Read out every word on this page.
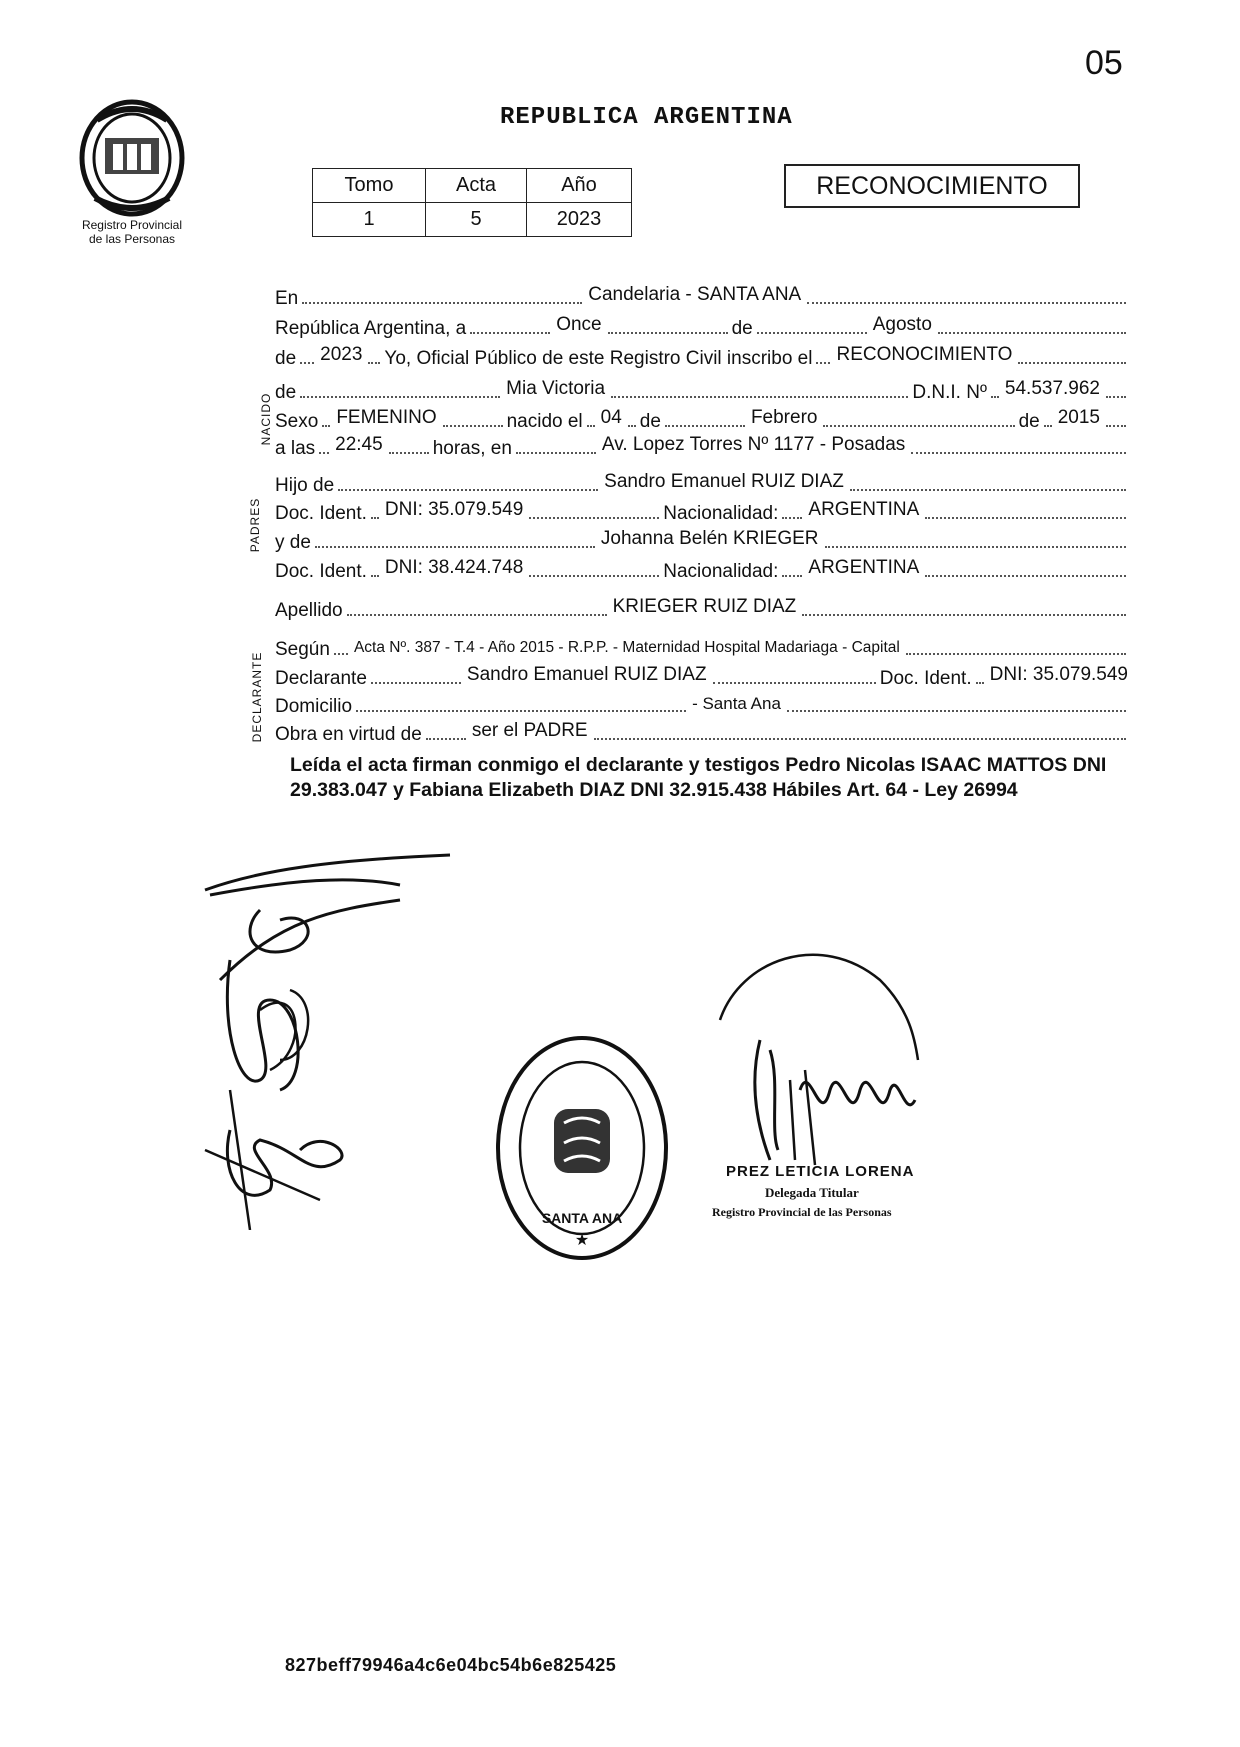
05
Registro Provincial
de las Personas
REPUBLICA ARGENTINA
Tomo	Acta	Año
1	5	2023
RECONOCIMIENTO
NACIDO
PADRES
DECLARANTE
En	Candelaria - SANTA ANA
República Argentina, a	Once	de	Agosto
de 2023 Yo, Oficial Público de este Registro Civil inscribo el RECONOCIMIENTO
de	Mia Victoria	D.N.I. Nº 54.537.962
Sexo FEMENINO	nacido el 04 de	Febrero	de 2015
a las 22:45	horas, en	Av. Lopez Torres Nº 1177 - Posadas
Hijo de	Sandro Emanuel RUIZ DIAZ
Doc. Ident. DNI: 35.079.549	Nacionalidad: ARGENTINA
y de	Johanna Belén KRIEGER
Doc. Ident. DNI: 38.424.748	Nacionalidad: ARGENTINA
Apellido	KRIEGER RUIZ DIAZ
Según Acta Nº. 387 - T.4 - Año 2015 - R.P.P. - Maternidad Hospital Madariaga - Capital
Declarante	Sandro Emanuel RUIZ DIAZ	Doc. Ident. DNI: 35.079.549
Domicilio	- Santa Ana
Obra en virtud de	ser el PADRE
Leída el acta firman conmigo el declarante y testigos Pedro Nicolas ISAAC MATTOS DNI 29.383.047 y Fabiana Elizabeth DIAZ DNI 32.915.438 Hábiles Art. 64 - Ley 26994
SANTA ANA
★
PREZ LETICIA LORENA
Delegada Titular
Registro Provincial de las Personas
827beff79946a4c6e04bc54b6e825425
